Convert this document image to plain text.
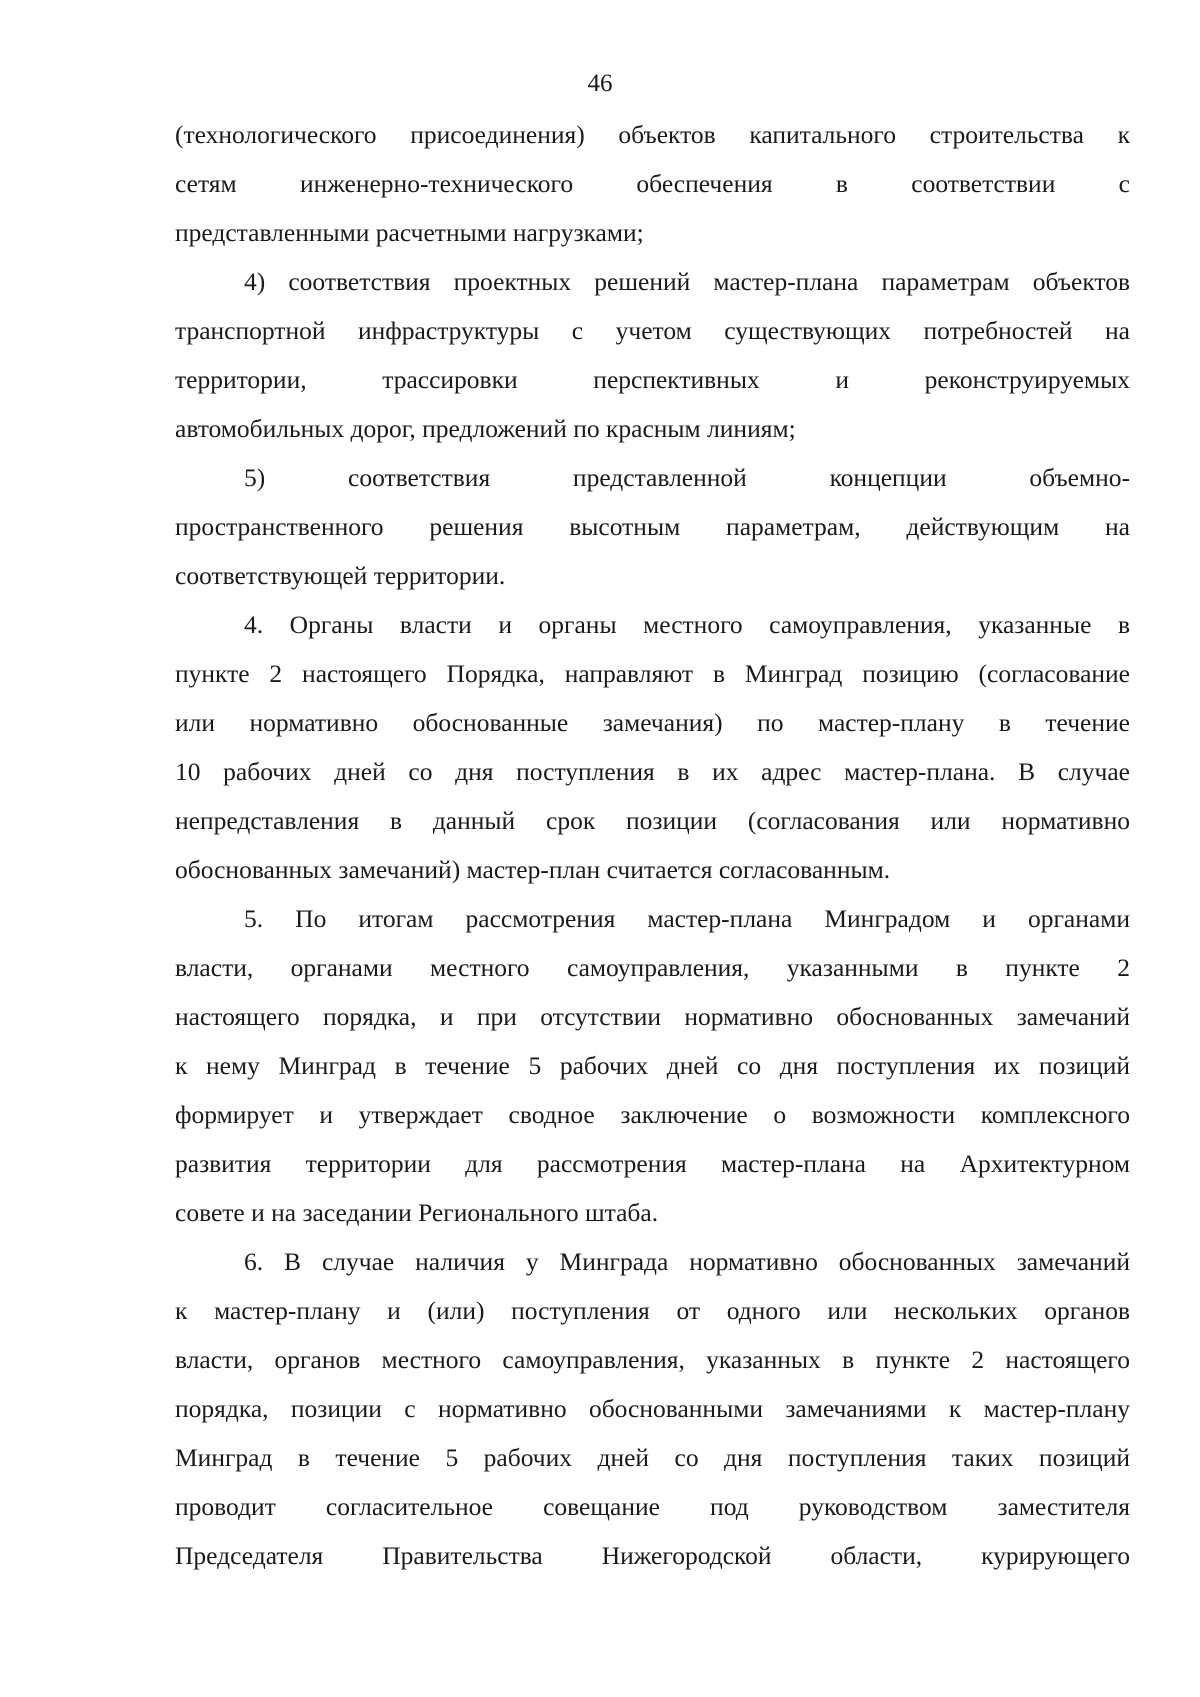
46
(технологического присоединения) объектов капитального строительства к
сетям инженерно-технического обеспечения в соответствии с
представленными расчетными нагрузками;
4) соответствия проектных решений мастер-плана параметрам объектов
транспортной инфраструктуры с учетом существующих потребностей на
территории, трассировки перспективных и реконструируемых
автомобильных дорог, предложений по красным линиям;
5) соответствия представленной концепции объемно-
пространственного решения высотным параметрам, действующим на
соответствующей территории.
4. Органы власти и органы местного самоуправления, указанные в
пункте 2 настоящего Порядка, направляют в Минград позицию (согласование
или нормативно обоснованные замечания) по мастер-плану в течение
10 рабочих дней со дня поступления в их адрес мастер-плана. В случае
непредставления в данный срок позиции (согласования или нормативно
обоснованных замечаний) мастер-план считается согласованным.
5. По итогам рассмотрения мастер-плана Минградом и органами
власти, органами местного самоуправления, указанными в пункте 2
настоящего порядка, и при отсутствии нормативно обоснованных замечаний
к нему Минград в течение 5 рабочих дней со дня поступления их позиций
формирует и утверждает сводное заключение о возможности комплексного
развития территории для рассмотрения мастер-плана на Архитектурном
совете и на заседании Регионального штаба.
6. В случае наличия у Минграда нормативно обоснованных замечаний
к мастер-плану и (или) поступления от одного или нескольких органов
власти, органов местного самоуправления, указанных в пункте 2 настоящего
порядка, позиции с нормативно обоснованными замечаниями к мастер-плану
Минград в течение 5 рабочих дней со дня поступления таких позиций
проводит согласительное совещание под руководством заместителя
Председателя Правительства Нижегородской области, курирующего
